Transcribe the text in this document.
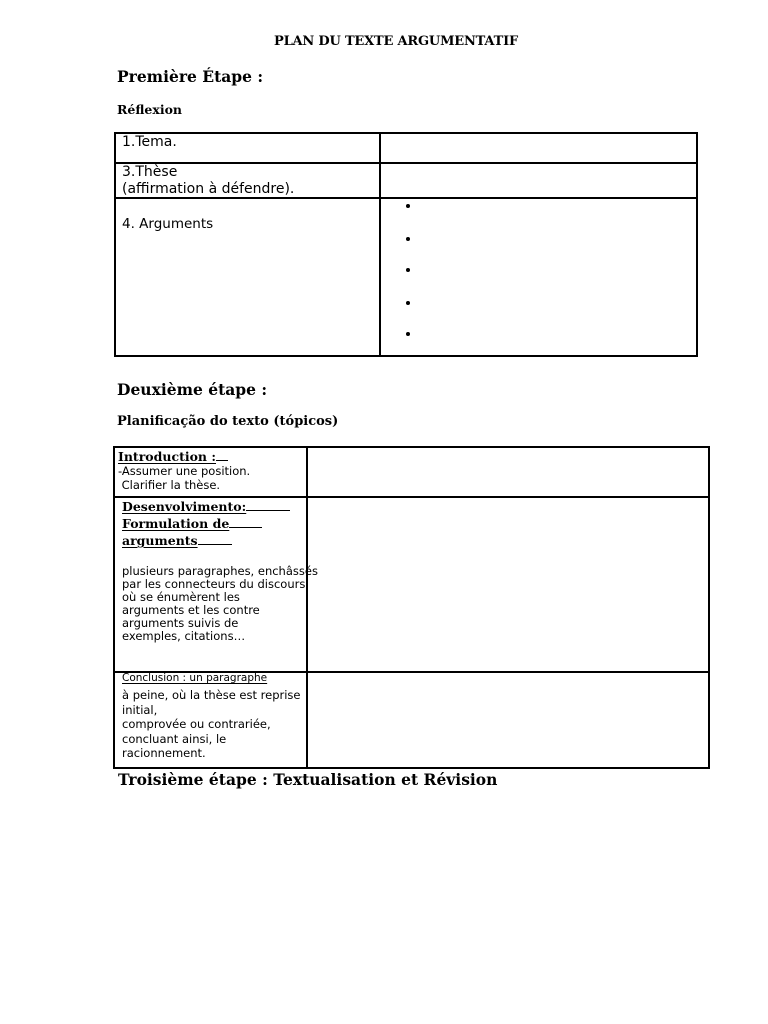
PLAN DU TEXTE ARGUMENTATIF
Première Étape :
Réflexion
1.Tema.
3.Thèse
(affirmation à défendre).
4. Arguments
Deuxième étape :
Planificação do texto (tópicos)
Introduction :
-Assumer une position.
Clarifier la thèse.
Desenvolvimento:
Formulation de
arguments
plusieurs paragraphes, enchâssés
par les connecteurs du discours,
où se énumèrent les
arguments et les contre
arguments suivis de
exemples, citations…
Conclusion : un paragraphe
à peine, où la thèse est reprise
initial,
comprovée ou contrariée,
concluant ainsi, le
racionnement.
Troisième étape : Textualisation et Révision
